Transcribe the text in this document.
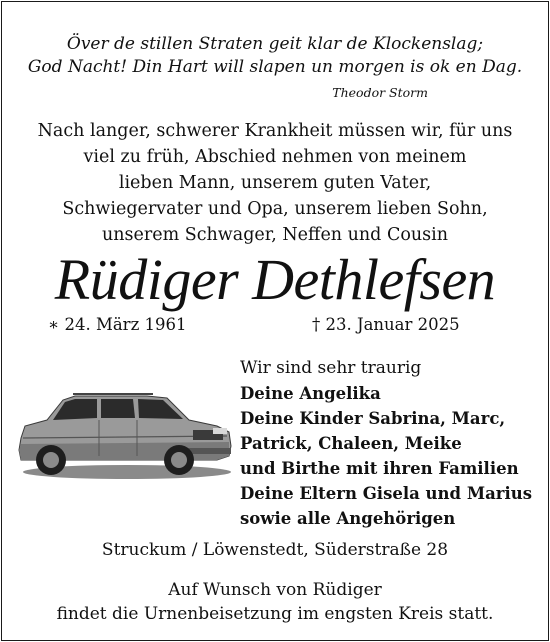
Över de stillen Straten geit klar de Klockenslag;
God Nacht! Din Hart will slapen un morgen is ok en Dag.
Theodor Storm
Nach langer, schwerer Krankheit müssen wir, für uns
viel zu früh, Abschied nehmen von meinem
lieben Mann, unserem guten Vater,
Schwiegervater und Opa, unserem lieben Sohn,
unserem Schwager, Neffen und Cousin
Rüdiger Dethlefsen
∗ 24. März 1961	† 23. Januar 2025
Wir sind sehr traurig
Deine Angelika
Deine Kinder Sabrina, Marc,
Patrick, Chaleen, Meike
und Birthe mit ihren Familien
Deine Eltern Gisela und Marius
sowie alle Angehörigen
Struckum / Löwenstedt, Süderstraße 28
Auf Wunsch von Rüdiger
findet die Urnenbeisetzung im engsten Kreis statt.
